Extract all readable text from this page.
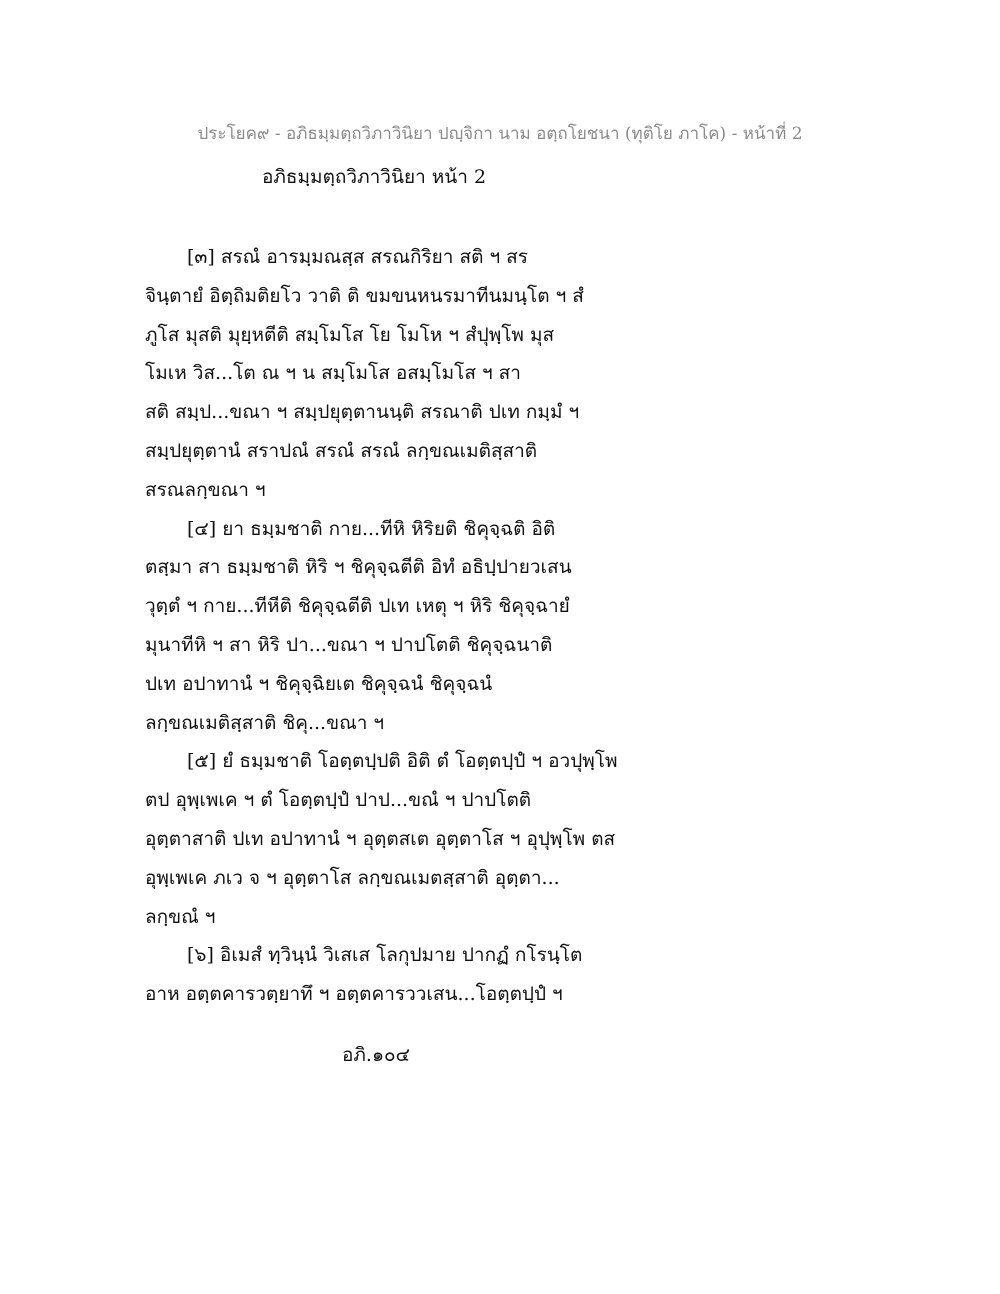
ประโยค๙ - อภิธมฺมตฺถวิภาวินิยา ปญฺจิกา นาม อตฺถโยชนา (ทุติโย ภาโค) - หน้าที่ 2
อภิธมฺมตฺถวิภาวินิยา หน้า 2
[๓] สรณํ อารมฺมณสฺส สรณกิริยา สติ ฯ สร
จินฺตายํ อิตฺถิมติยโว วาติ ติ ขมขนหนรมาทีนมนฺโต ฯ สํ
ภูโส มุสติ มุยฺหตีติ สมฺโมโส โย โมโห ฯ สํปุพฺโพ มุส
โมเห วิส...โต ณ ฯ น สมฺโมโส อสมฺโมโส ฯ สา
สติ สมฺป...ขณา ฯ สมฺปยุตฺตานนฺติ สรณาติ ปเท กมฺมํ ฯ
สมฺปยุตฺตานํ สราปณํ สรณํ สรณํ ลกฺขณเมติสฺสาติ
สรณลกฺขณา ฯ
[๔] ยา ธมฺมชาติ กาย...ทีหิ หิริยติ ชิคุจฺฉติ อิติ
ตสฺมา สา ธมฺมชาติ หิริ ฯ ชิคุจฺฉตีติ อิทํ อธิปฺปายวเสน
วุตฺตํ ฯ กาย...ทีหีติ ชิคุจฺฉตีติ ปเท เหตุ ฯ หิริ ชิคุจฺฉายํ
มุนาทีหิ ฯ สา หิริ ปา...ขณา ฯ ปาปโตติ ชิคุจฺฉนาติ
ปเท อปาทานํ ฯ ชิคุจฺฉิยเต ชิคุจฺฉนํ ชิคุจฺฉนํ
ลกฺขณเมติสฺสาติ ชิคุ...ขณา ฯ
[๕] ยํ ธมฺมชาติ โอตฺตปฺปติ อิติ ตํ โอตฺตปฺปํ ฯ อวปุพฺโพ
ตป อุพฺเพเค ฯ ตํ โอตฺตปฺปํ ปาป...ขณํ ฯ ปาปโตติ
อุตฺตาสาติ ปเท อปาทานํ ฯ อุตฺตสเต อุตฺตาโส ฯ อุปุพฺโพ ตส
อุพฺเพเค ภเว จ ฯ อุตฺตาโส ลกฺขณเมตสฺสาติ อุตฺตา...
ลกฺขณํ ฯ
[๖] อิเมสํ ทฺวินฺนํ วิเสเส โลกุปมาย ปากฏํ กโรนฺโต
อาห อตฺตคารวตฺยาทึ ฯ อตฺตคารววเสน...โอตฺตปฺปํ ฯ
อภิ.๑๐๔
